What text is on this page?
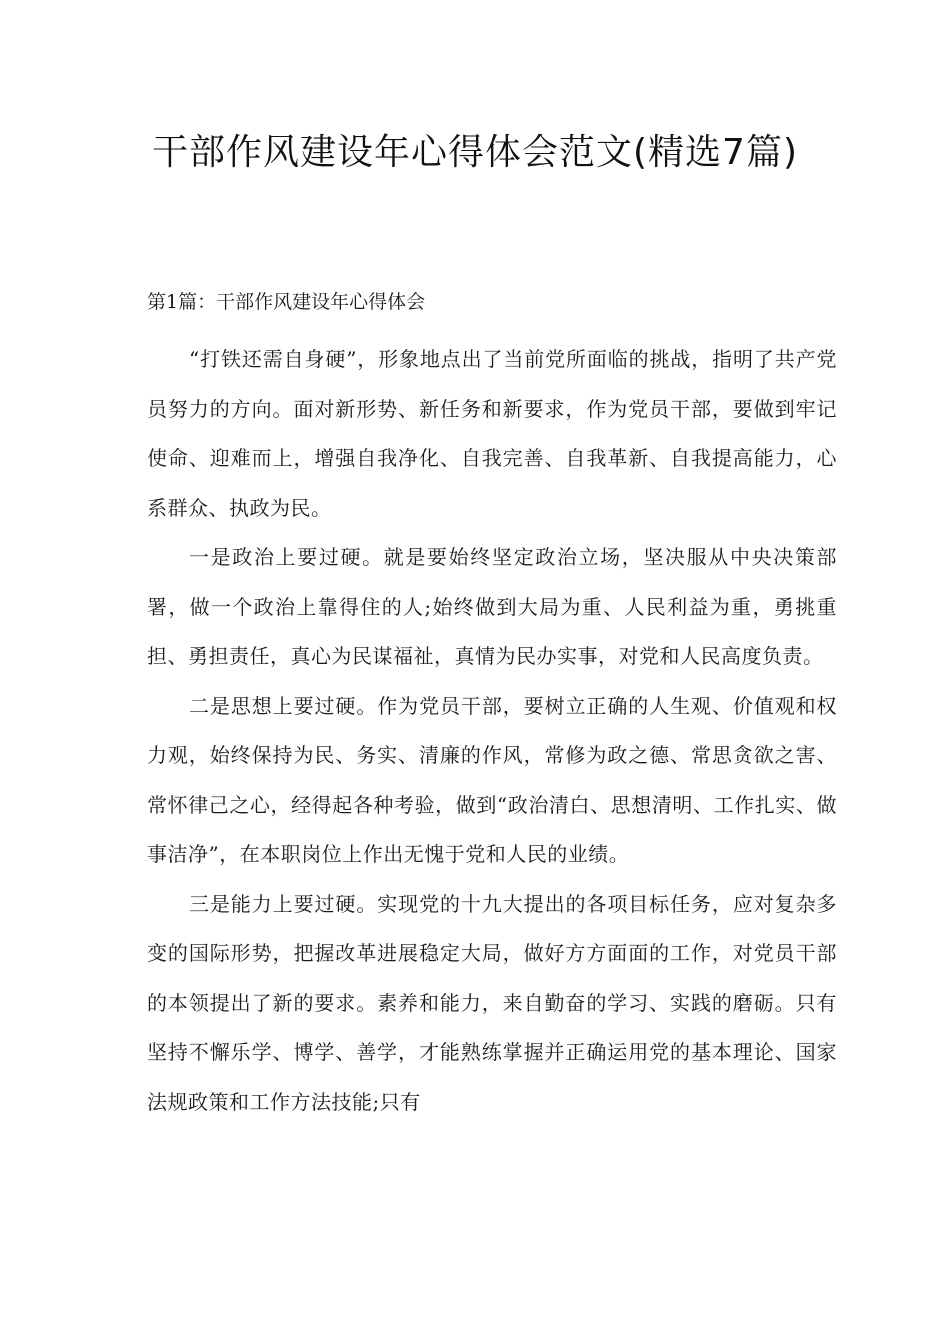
干部作风建设年心得体会范文(精选7篇)

第1篇：干部作风建设年心得体会

“打铁还需自身硬”，形象地点出了当前党所面临的挑战，指明了共产党员努力的方向。面对新形势、新任务和新要求，作为党员干部，要做到牢记使命、迎难而上，增强自我净化、自我完善、自我革新、自我提高能力，心系群众、执政为民。

一是政治上要过硬。就是要始终坚定政治立场，坚决服从中央决策部署，做一个政治上靠得住的人;始终做到大局为重、人民利益为重，勇挑重担、勇担责任，真心为民谋福祉，真情为民办实事，对党和人民高度负责。

二是思想上要过硬。作为党员干部，要树立正确的人生观、价值观和权力观，始终保持为民、务实、清廉的作风，常修为政之德、常思贪欲之害、常怀律己之心，经得起各种考验，做到“政治清白、思想清明、工作扎实、做事洁净”，在本职岗位上作出无愧于党和人民的业绩。

三是能力上要过硬。实现党的十九大提出的各项目标任务，应对复杂多变的国际形势，把握改革进展稳定大局，做好方方面面的工作，对党员干部的本领提出了新的要求。素养和能力，来自勤奋的学习、实践的磨砺。只有坚持不懈乐学、博学、善学，才能熟练掌握并正确运用党的基本理论、国家法规政策和工作方法技能;只有
